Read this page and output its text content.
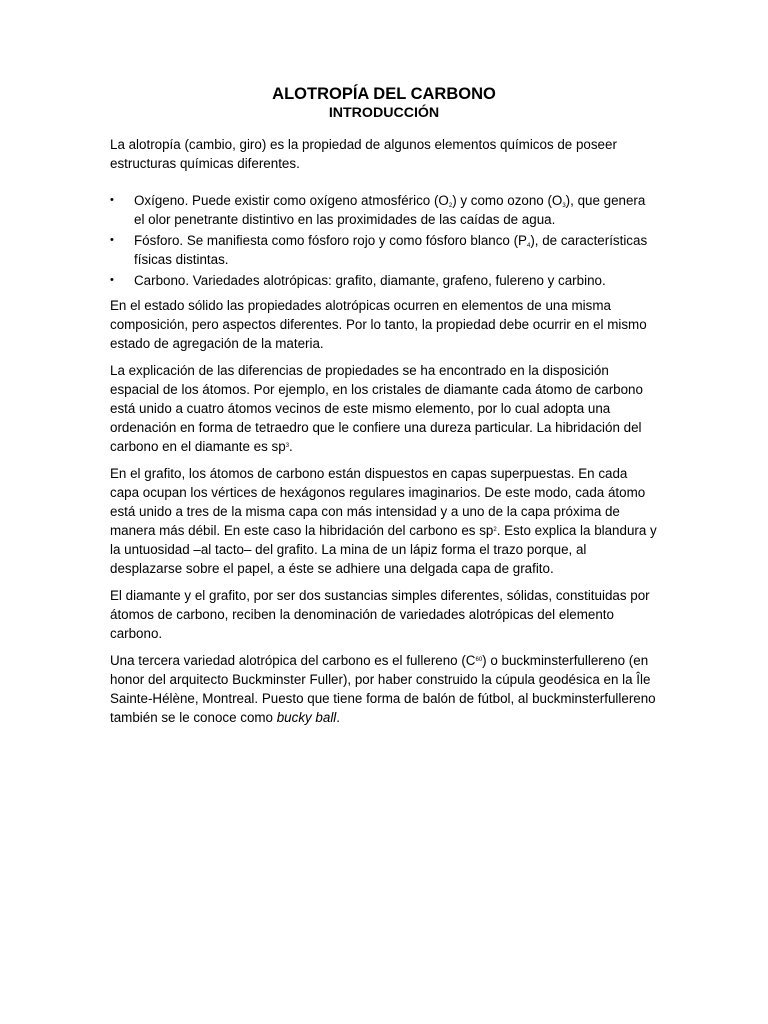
ALOTROPÍA DEL CARBONO
INTRODUCCIÓN

La alotropía (cambio, giro) es la propiedad de algunos elementos químicos de poseer estructuras químicas diferentes.

• Oxígeno. Puede existir como oxígeno atmosférico $(O_2)$ y como ozono $(O_3)$, que genera el olor penetrante distintivo en las proximidades de las caídas de agua.
• Fósforo. Se manifiesta como fósforo rojo y como fósforo blanco $(P_4)$, de características físicas distintas.
• Carbono. Variedades alotrópicas: grafito, diamante, grafeno, fulereno y carbino.

En el estado sólido las propiedades alotrópicas ocurren en elementos de una misma composición, pero aspectos diferentes. Por lo tanto, la propiedad debe ocurrir en el mismo estado de agregación de la materia.

La explicación de las diferencias de propiedades se ha encontrado en la disposición espacial de los átomos. Por ejemplo, en los cristales de diamante cada átomo de carbono está unido a cuatro átomos vecinos de este mismo elemento, por lo cual adopta una ordenación en forma de tetraedro que le confiere una dureza particular. La hibridación del carbono en el diamante es $sp^3$.

En el grafito, los átomos de carbono están dispuestos en capas superpuestas. En cada capa ocupan los vértices de hexágonos regulares imaginarios. De este modo, cada átomo está unido a tres de la misma capa con más intensidad y a uno de la capa próxima de manera más débil. En este caso la hibridación del carbono es $sp^2$. Esto explica la blandura y la untuosidad –al tacto– del grafito. La mina de un lápiz forma el trazo porque, al desplazarse sobre el papel, a éste se adhiere una delgada capa de grafito.

El diamante y el grafito, por ser dos sustancias simples diferentes, sólidas, constituidas por átomos de carbono, reciben la denominación de variedades alotrópicas del elemento carbono.

Una tercera variedad alotrópica del carbono es el fullereno $(C^{60})$ o buckminsterfullereno (en honor del arquitecto Buckminster Fuller), por haber construido la cúpula geodésica en la Île Sainte-Hélène, Montreal. Puesto que tiene forma de balón de fútbol, al buckminsterfullereno también se le conoce como bucky ball.
